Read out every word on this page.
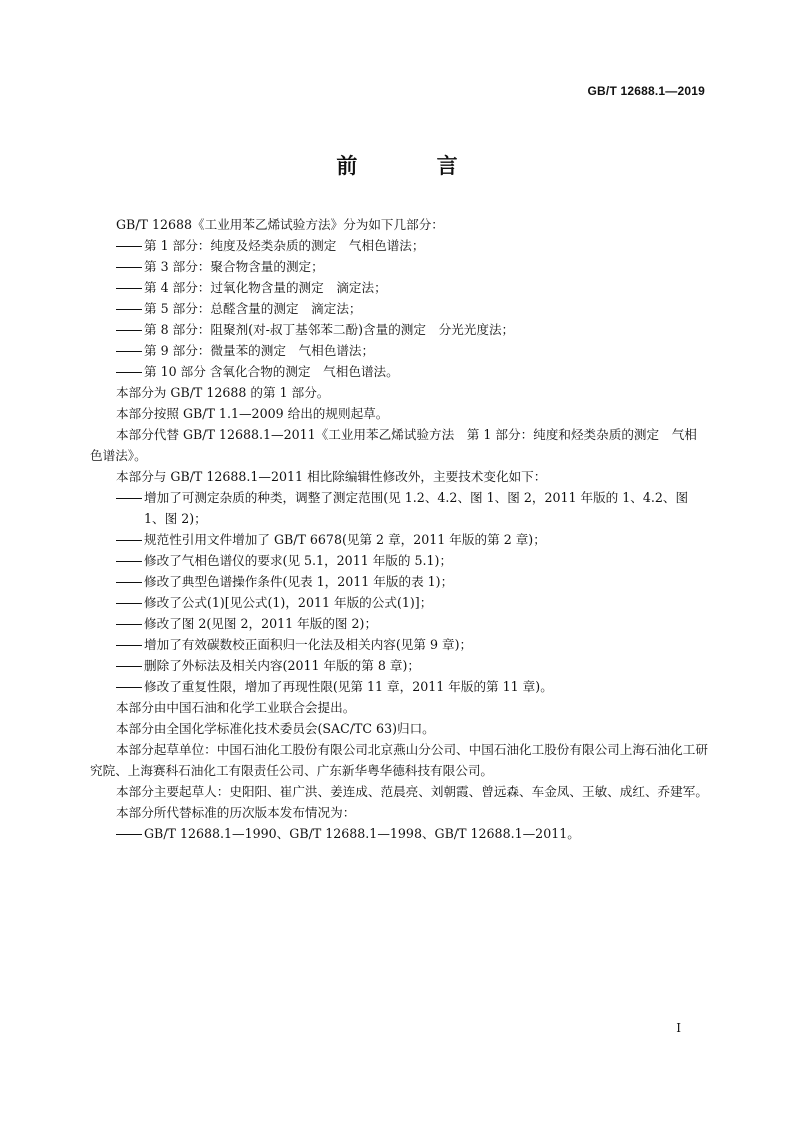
GB/T 12688.1—2019
前 言

GB/T 12688《工业用苯乙烯试验方法》分为如下几部分：

第 1 部分：纯度及烃类杂质的测定　气相色谱法；

第 3 部分：聚合物含量的测定；

第 4 部分：过氧化物含量的测定　滴定法；

第 5 部分：总醛含量的测定　滴定法；

第 8 部分：阻聚剂(对-叔丁基邻苯二酚)含量的测定　分光光度法；

第 9 部分：微量苯的测定　气相色谱法；

第 10 部分 含氧化合物的测定　气相色谱法。

本部分为 GB/T 12688 的第 1 部分。

本部分按照 GB/T 1.1—2009 给出的规则起草。

本部分代替 GB/T 12688.1—2011《工业用苯乙烯试验方法　第 1 部分：纯度和烃类杂质的测定　气相色谱法》。

本部分与 GB/T 12688.1—2011 相比除编辑性修改外，主要技术变化如下：

增加了可测定杂质的种类，调整了测定范围(见 1.2、4.2、图 1、图 2，2011 年版的 1、4.2、图 1、图 2)；

规范性引用文件增加了 GB/T 6678(见第 2 章，2011 年版的第 2 章)；

修改了气相色谱仪的要求(见 5.1，2011 年版的 5.1)；

修改了典型色谱操作条件(见表 1，2011 年版的表 1)；

修改了公式(1)[见公式(1)，2011 年版的公式(1)]；

修改了图 2(见图 2，2011 年版的图 2)；

增加了有效碳数校正面积归一化法及相关内容(见第 9 章)；

删除了外标法及相关内容(2011 年版的第 8 章)；

修改了重复性限，增加了再现性限(见第 11 章，2011 年版的第 11 章)。

本部分由中国石油和化学工业联合会提出。

本部分由全国化学标准化技术委员会(SAC/TC 63)归口。

本部分起草单位：中国石油化工股份有限公司北京燕山分公司、中国石油化工股份有限公司上海石油化工研究院、上海赛科石油化工有限责任公司、广东新华粤华德科技有限公司。

本部分主要起草人：史阳阳、崔广洪、姜连成、范晨亮、刘朝霞、曾远森、车金凤、王敏、成红、乔建军。

本部分所代替标准的历次版本发布情况为：

GB/T 12688.1—1990、GB/T 12688.1—1998、GB/T 12688.1—2011。

I
